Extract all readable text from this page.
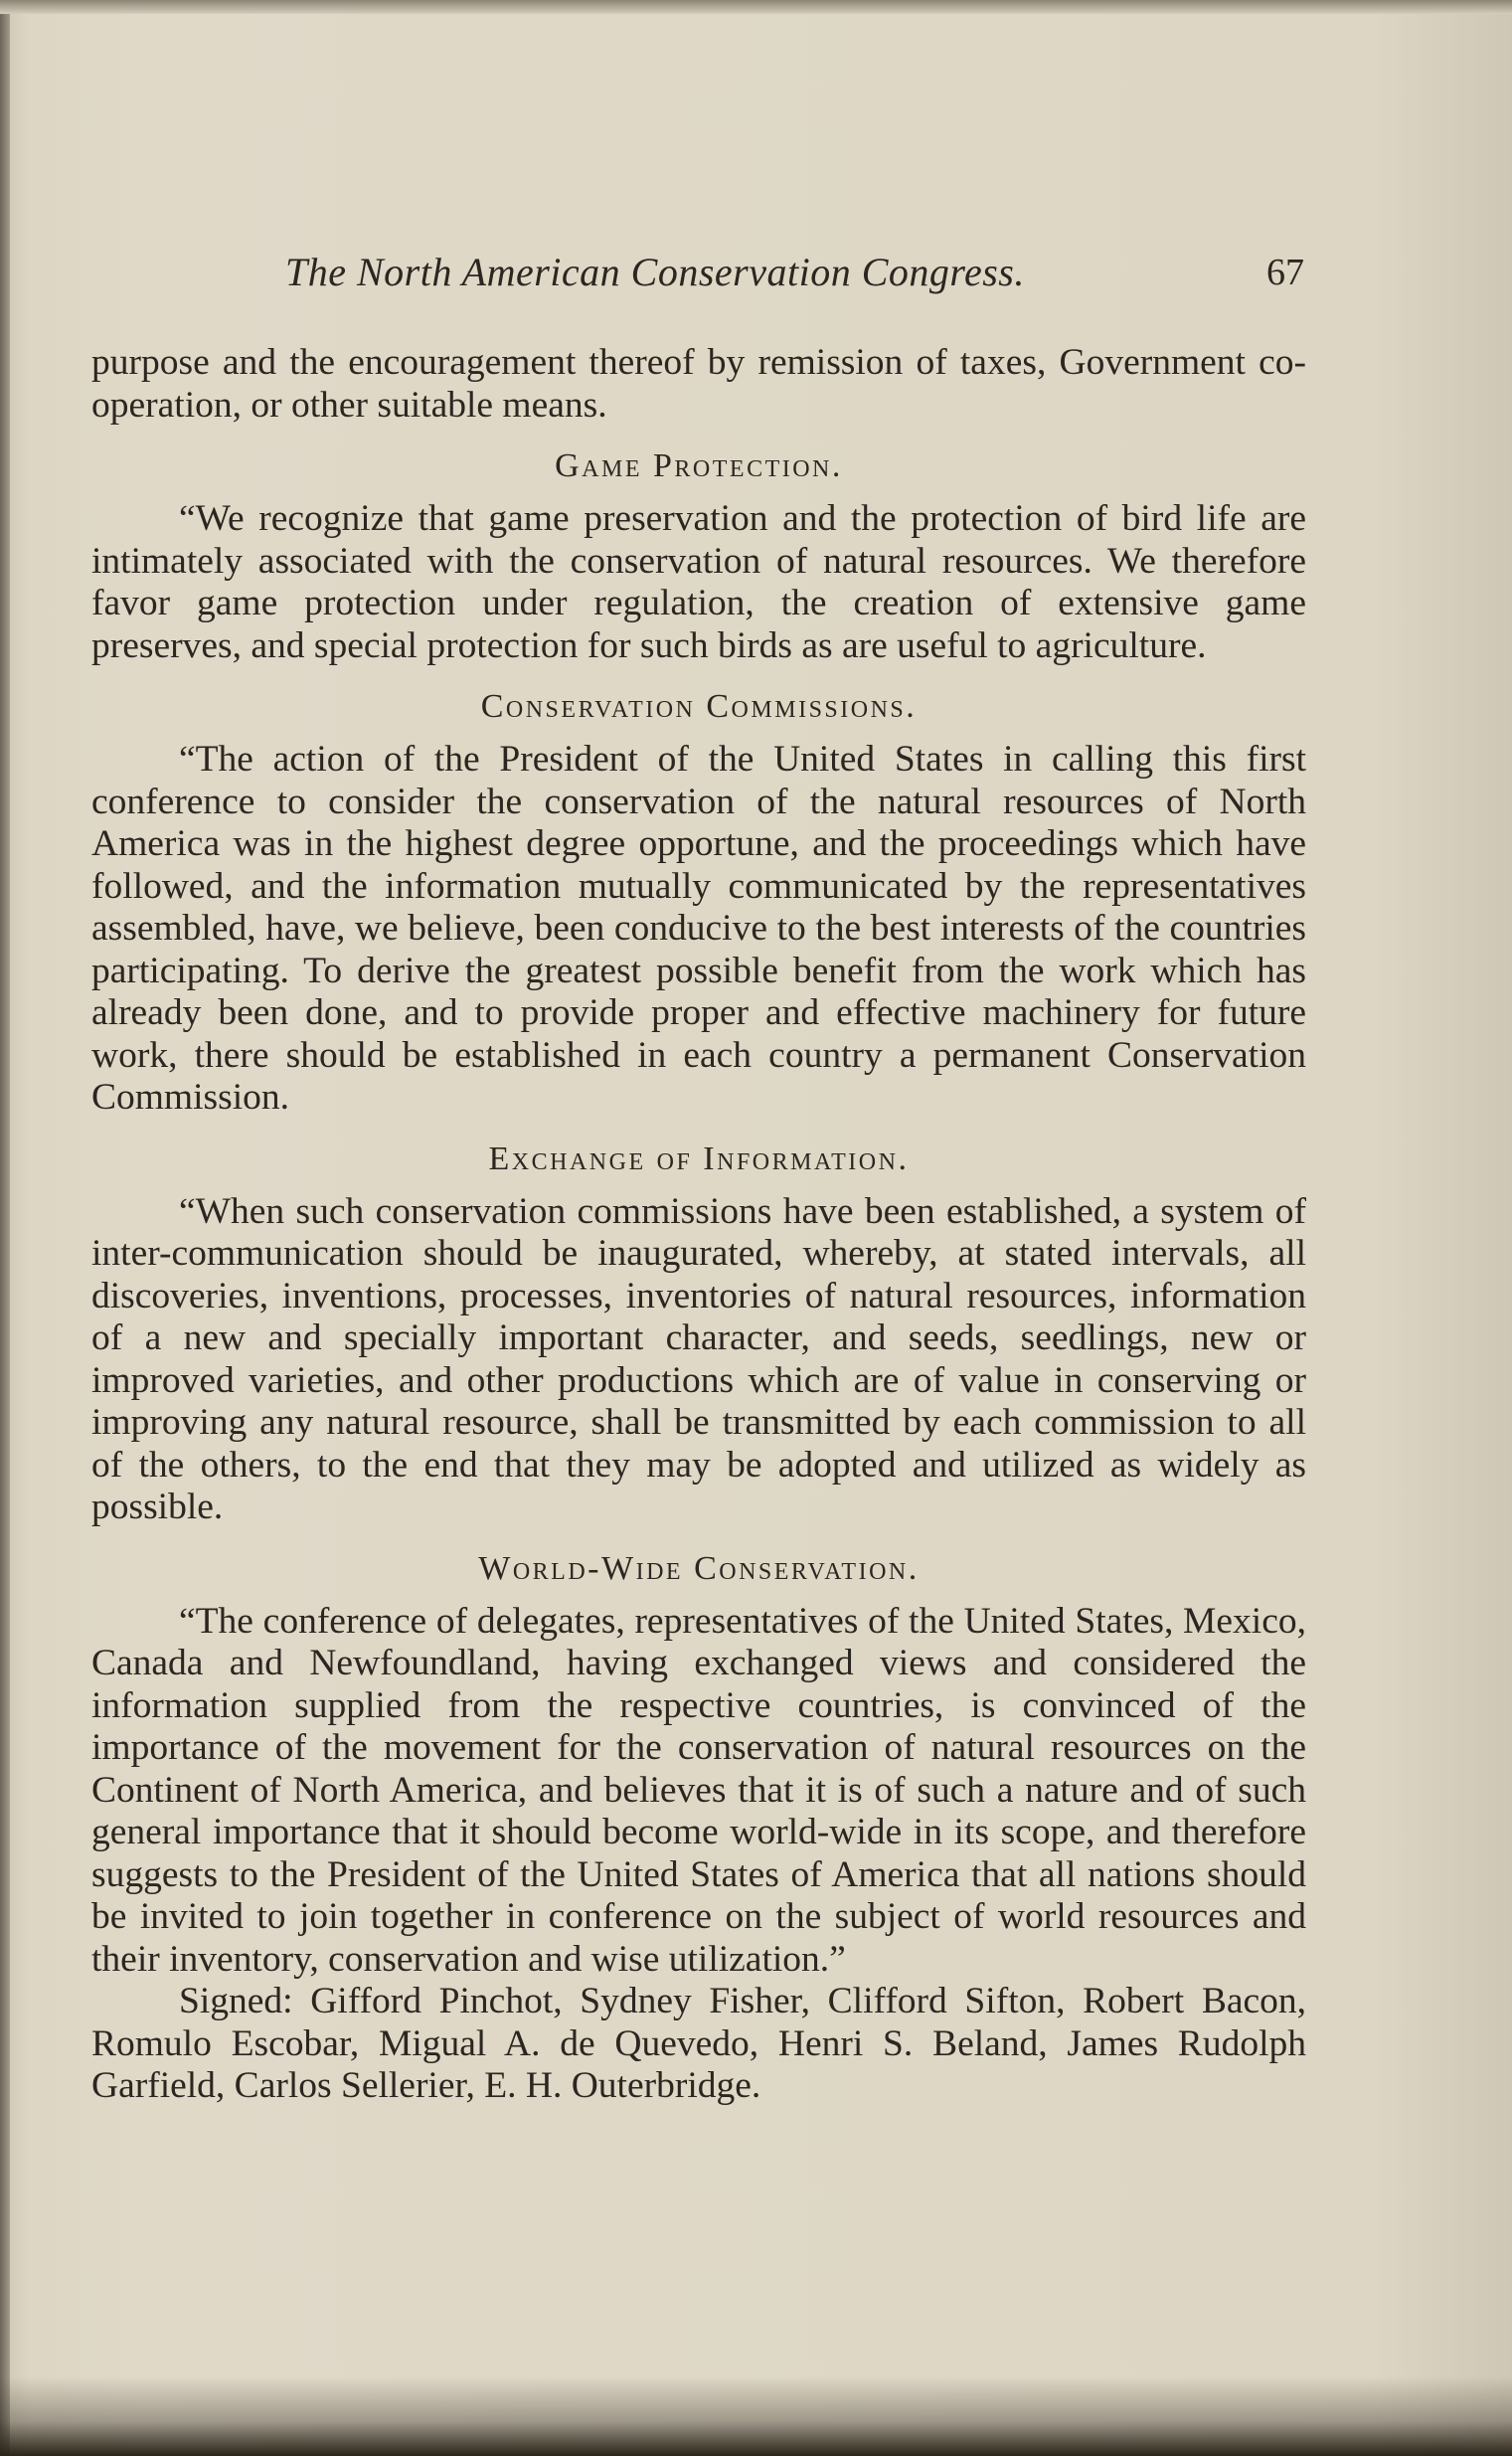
The North American Conservation Congress.	67

purpose and the encouragement thereof by remission of taxes, Government co-operation, or other suitable means.

Game Protection.

“We recognize that game preservation and the protection of bird life are intimately associated with the conservation of natural resources. We therefore favor game protection under regulation, the creation of extensive game preserves, and special protection for such birds as are useful to agriculture.

Conservation Commissions.

“The action of the President of the United States in calling this first conference to consider the conservation of the natural resources of North America was in the highest degree opportune, and the proceedings which have followed, and the information mutually communicated by the representatives assembled, have, we believe, been conducive to the best interests of the countries participating. To derive the greatest possible benefit from the work which has already been done, and to provide proper and effective machinery for future work, there should be established in each country a permanent Conservation Commission.

Exchange of Information.

“When such conservation commissions have been established, a system of inter-communication should be inaugurated, whereby, at stated intervals, all discoveries, inventions, processes, inventories of natural resources, information of a new and specially important character, and seeds, seedlings, new or improved varieties, and other productions which are of value in conserving or improving any natural resource, shall be transmitted by each commission to all of the others, to the end that they may be adopted and utilized as widely as possible.

World-Wide Conservation.

“The conference of delegates, representatives of the United States, Mexico, Canada and Newfoundland, having exchanged views and considered the information supplied from the respective countries, is convinced of the importance of the movement for the conservation of natural resources on the Continent of North America, and believes that it is of such a nature and of such general importance that it should become world-wide in its scope, and therefore suggests to the President of the United States of America that all nations should be invited to join together in conference on the subject of world resources and their inventory, conservation and wise utilization.”

Signed: Gifford Pinchot, Sydney Fisher, Clifford Sifton, Robert Bacon, Romulo Escobar, Migual A. de Quevedo, Henri S. Beland, James Rudolph Garfield, Carlos Sellerier, E. H. Outerbridge.
